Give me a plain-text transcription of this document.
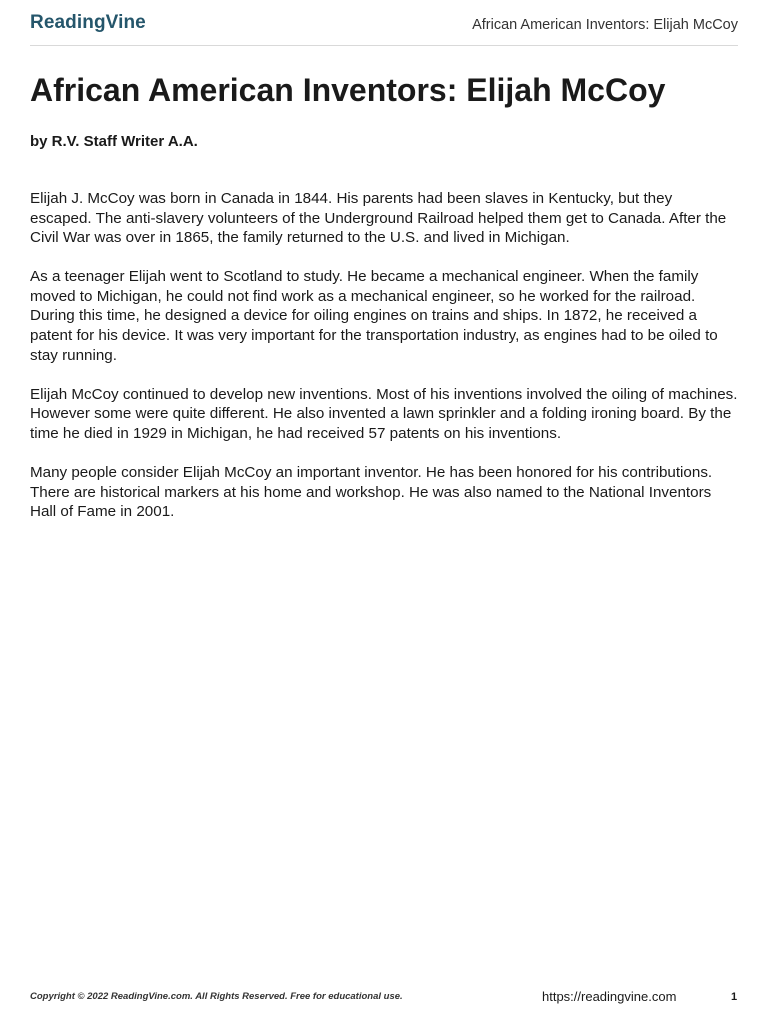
ReadingVine	African American Inventors: Elijah McCoy
African American Inventors: Elijah McCoy
by R.V. Staff Writer A.A.

Elijah J. McCoy was born in Canada in 1844. His parents had been slaves in Kentucky, but they escaped. The anti-slavery volunteers of the Underground Railroad helped them get to Canada. After the Civil War was over in 1865, the family returned to the U.S. and lived in Michigan.

As a teenager Elijah went to Scotland to study. He became a mechanical engineer. When the family moved to Michigan, he could not find work as a mechanical engineer, so he worked for the railroad. During this time, he designed a device for oiling engines on trains and ships. In 1872, he received a patent for his device. It was very important for the transportation industry, as engines had to be oiled to stay running.

Elijah McCoy continued to develop new inventions. Most of his inventions involved the oiling of machines. However some were quite different. He also invented a lawn sprinkler and a folding ironing board. By the time he died in 1929 in Michigan, he had received 57 patents on his inventions.

Many people consider Elijah McCoy an important inventor. He has been honored for his contributions. There are historical markers at his home and workshop. He was also named to the National Inventors Hall of Fame in 2001.

Copyright © 2022 ReadingVine.com. All Rights Reserved. Free for educational use.	https://readingvine.com	1
